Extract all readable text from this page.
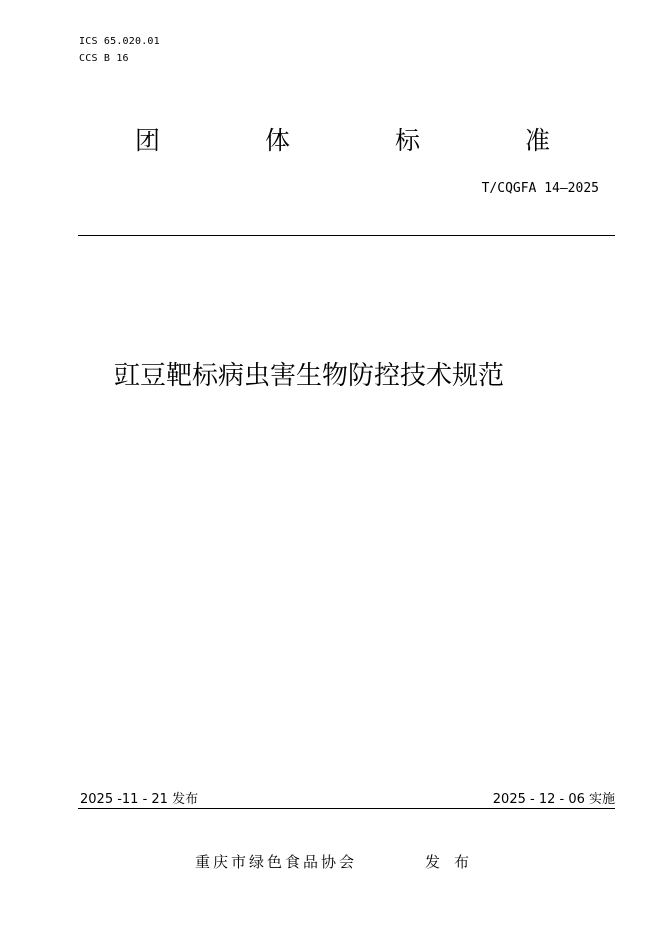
ICS 65.020.01
CCS B 16
团	体	标	准
T/CQGFA 14—2025
豇豆靶标病虫害生物防控技术规范
2025 -11 - 21 发布	2025 - 12 - 06 实施
重庆市绿色食品协会	发布
